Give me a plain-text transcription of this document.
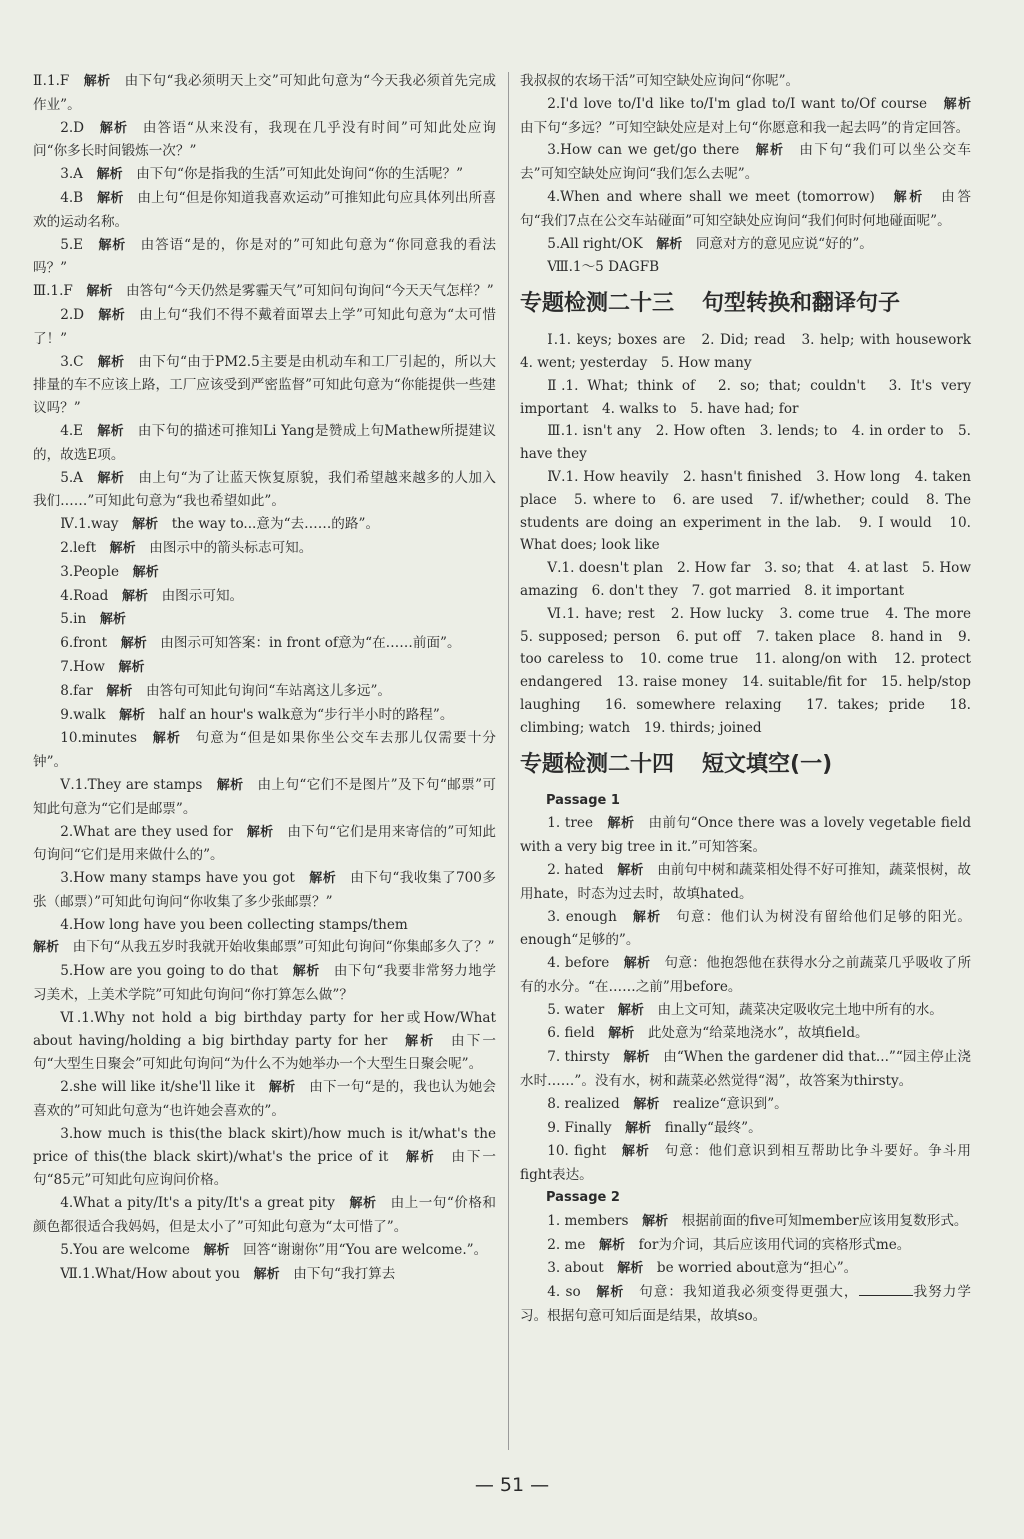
Ⅱ.1.F　 解析　 由下句“我必须明天上交”可知此句意为“今天我必须首先完成作业”。

2.D　 解析　 由答语“从来没有，我现在几乎没有时间”可知此处应询问“你多长时间锻炼一次？”

3.A　 解析　 由下句“你是指我的生活”可知此处询问“你的生活呢？”

4.B　 解析　 由上句“但是你知道我喜欢运动”可推知此句应具体列出所喜欢的运动名称。

5.E　 解析　 由答语“是的，你是对的”可知此句意为“你同意我的看法吗？”

Ⅲ.1.F　 解析　 由答句“今天仍然是雾霾天气”可知问句询问“今天天气怎样？”

2.D　 解析　 由上句“我们不得不戴着面罩去上学”可知此句意为“太可惜了！”

3.C　 解析　 由下句“由于PM2.5主要是由机动车和工厂引起的，所以大排量的车不应该上路，工厂应该受到严密监督”可知此句意为“你能提供一些建议吗？”

4.E　 解析　 由下句的描述可推知Li Yang是赞成上句Mathew所提建议的，故选E项。

5.A　 解析　 由上句“为了让蓝天恢复原貌，我们希望越来越多的人加入我们……”可知此句意为“我也希望如此”。

Ⅳ.1.way　 解析　 the way to...意为“去……的路”。

2.left　 解析　 由图示中的箭头标志可知。

3.People　 解析　

4.Road　 解析　 由图示可知。

5.in　 解析　

6.front　 解析　 由图示可知答案：in front of意为“在……前面”。

7.How　 解析　

8.far　 解析　 由答句可知此句询问“车站离这儿多远”。

9.walk　 解析　 half an hour's walk意为“步行半小时的路程”。

10.minutes　 解析　 句意为“但是如果你坐公交车去那儿仅需要十分钟”。

Ⅴ.1.They are stamps　 解析　 由上句“它们不是图片”及下句“邮票”可知此句意为“它们是邮票”。

2.What are they used for　 解析　 由下句“它们是用来寄信的”可知此句询问“它们是用来做什么的”。

3.How many stamps have you got　 解析　 由下句“我收集了700多张（邮票）”可知此句询问“你收集了多少张邮票？”

4.How long have you been collecting stamps/them
解析　 由下句“从我五岁时我就开始收集邮票”可知此句询问“你集邮多久了？”

5.How are you going to do that　 解析　 由下句“我要非常努力地学习美术，上美术学院”可知此句询问“你打算怎么做”？

Ⅵ.1.Why not hold a big birthday party for her或How/What about having/holding a big birthday party for her　 解析　 由下一句“大型生日聚会”可知此句询问“为什么不为她举办一个大型生日聚会呢”。

2.she will like it/she'll like it　 解析　 由下一句“是的，我也认为她会喜欢的”可知此句意为“也许她会喜欢的”。

3.how much is this(the black skirt)/how much is it/what's the price of this(the black skirt)/what's the price of it　 解析　 由下一句“85元”可知此句应询问价格。

4.What a pity/It's a pity/It's a great pity　 解析　 由上一句“价格和颜色都很适合我妈妈，但是太小了”可知此句意为“太可惜了”。

5.You are welcome　 解析　 回答“谢谢你”用“You are welcome.”。

Ⅶ.1.What/How about you　 解析　 由下句“我打算去

我叔叔的农场干活”可知空缺处应询问“你呢”。

2.I'd love to/I'd like to/I'm glad to/I want to/Of course　 解析　由下句“多远？”可知空缺处应是对上句“你愿意和我一起去吗”的肯定回答。

3.How can we get/go there　 解析　 由下句“我们可以坐公交车去”可知空缺处应询问“我们怎么去呢”。

4.When and where shall we meet (tomorrow)　 解析　 由答句“我们7点在公交车站碰面”可知空缺处应询问“我们何时何地碰面呢”。

5.All right/OK　 解析　 同意对方的意见应说“好的”。

Ⅷ.1～5 DAGFB

专题检测二十三 句型转换和翻译句子

Ⅰ.1. keys; boxes are　2. Did; read　3. help; with housework　4. went; yesterday　5. How many

Ⅱ.1. What; think of　2. so; that; couldn't　3. It's very important　4. walks to　5. have had; for

Ⅲ.1. isn't any　2. How often　3. lends; to　4. in order to　5. have they

Ⅳ.1. How heavily　2. hasn't finished　3. How long　4. taken place　5. where to　6. are used　7. if/whether; could　8. The students are doing an experiment in the lab.　9. I would　10. What does; look like

Ⅴ.1. doesn't plan　2. How far　3. so; that　4. at last　5. How amazing　6. don't they　7. got married　8. it important

Ⅵ.1. have; rest　2. How lucky　3. come true　4. The more　5. supposed; person　6. put off　7. taken place　8. hand in　9. too careless to　10. come true　11. along/on with　12. protect endangered　13. raise money　14. suitable/fit for　15. help/stop laughing　16. somewhere relaxing　17. takes; pride　18. climbing; watch　19. thirds; joined

专题检测二十四 短文填空(一)

Passage 1

1. tree　 解析　 由前句“Once there was a lovely vegetable field with a very big tree in it.”可知答案。

2. hated　 解析　 由前句中树和蔬菜相处得不好可推知，蔬菜恨树，故用hate，时态为过去时，故填hated。

3. enough　 解析　 句意：他们认为树没有留给他们足够的阳光。enough“足够的”。

4. before　 解析　 句意：他抱怨他在获得水分之前蔬菜几乎吸收了所有的水分。“在……之前”用before。

5. water　 解析　 由上文可知，蔬菜决定吸收完土地中所有的水。

6. field　 解析　 此处意为“给菜地浇水”，故填field。

7. thirsty　 解析　 由“When the gardener did that...”“园主停止浇水时……”。没有水，树和蔬菜必然觉得“渴”，故答案为thirsty。

8. realized　 解析　 realize“意识到”。

9. Finally　 解析　 finally“最终”。

10. fight　 解析　 句意：他们意识到相互帮助比争斗要好。争斗用fight表达。

Passage 2

1. members　 解析　 根据前面的five可知member应该用复数形式。

2. me　 解析　 for为介词，其后应该用代词的宾格形式me。

3. about　 解析　 be worried about意为“担心”。

4. so　 解析　 句意：我知道我必须变得更强大，	我努力学习。根据句意可知后面是结果，故填so。

— 51 —
